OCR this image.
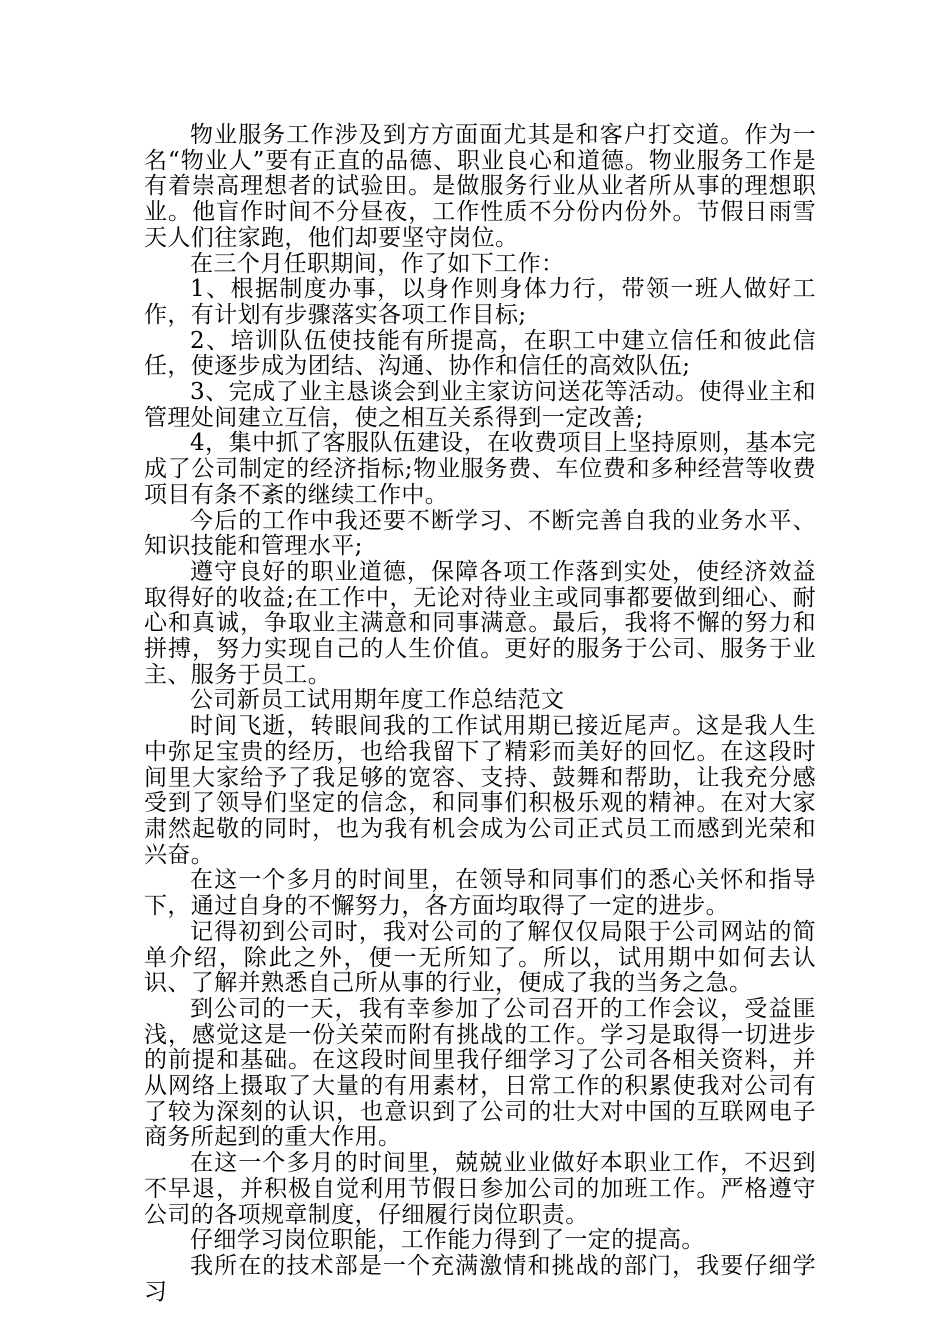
物业服务工作涉及到方方面面尤其是和客户打交道。作为一名“物业人”要有正直的品德、职业良心和道德。物业服务工作是有着崇高理想者的试验田。是做服务行业从业者所从事的理想职业。他盲作时间不分昼夜，工作性质不分份内份外。节假日雨雪天人们往家跑，他们却要坚守岗位。

在三个月任职期间，作了如下工作：

1、根据制度办事，以身作则身体力行，带领一班人做好工作，有计划有步骤落实各项工作目标;

2、培训队伍使技能有所提高，在职工中建立信任和彼此信任，使逐步成为团结、沟通、协作和信任的高效队伍;

3、完成了业主恳谈会到业主家访问送花等活动。使得业主和管理处间建立互信，使之相互关系得到一定改善;

4，集中抓了客服队伍建设，在收费项目上坚持原则，基本完成了公司制定的经济指标;物业服务费、车位费和多种经营等收费项目有条不紊的继续工作中。

今后的工作中我还要不断学习、不断完善自我的业务水平、知识技能和管理水平;

遵守良好的职业道德，保障各项工作落到实处，使经济效益取得好的收益;在工作中，无论对待业主或同事都要做到细心、耐心和真诚，争取业主满意和同事满意。最后，我将不懈的努力和拼搏，努力实现自己的人生价值。更好的服务于公司、服务于业主、服务于员工。

公司新员工试用期年度工作总结范文

时间飞逝，转眼间我的工作试用期已接近尾声。这是我人生中弥足宝贵的经历，也给我留下了精彩而美好的回忆。在这段时间里大家给予了我足够的宽容、支持、鼓舞和帮助，让我充分感受到了领导们坚定的信念，和同事们积极乐观的精神。在对大家肃然起敬的同时，也为我有机会成为公司正式员工而感到光荣和兴奋。

在这一个多月的时间里，在领导和同事们的悉心关怀和指导下，通过自身的不懈努力，各方面均取得了一定的进步。

记得初到公司时，我对公司的了解仅仅局限于公司网站的简单介绍，除此之外，便一无所知了。所以，试用期中如何去认识、了解并熟悉自己所从事的行业，便成了我的当务之急。

到公司的一天，我有幸参加了公司召开的工作会议，受益匪浅，感觉这是一份关荣而附有挑战的工作。学习是取得一切进步的前提和基础。在这段时间里我仔细学习了公司各相关资料，并从网络上摄取了大量的有用素材，日常工作的积累使我对公司有了较为深刻的认识，也意识到了公司的壮大对中国的互联网电子商务所起到的重大作用。

在这一个多月的时间里，兢兢业业做好本职业工作，不迟到不早退，并积极自觉利用节假日参加公司的加班工作。严格遵守公司的各项规章制度，仔细履行岗位职责。

仔细学习岗位职能，工作能力得到了一定的提高。

我所在的技术部是一个充满激情和挑战的部门，我要仔细学习
